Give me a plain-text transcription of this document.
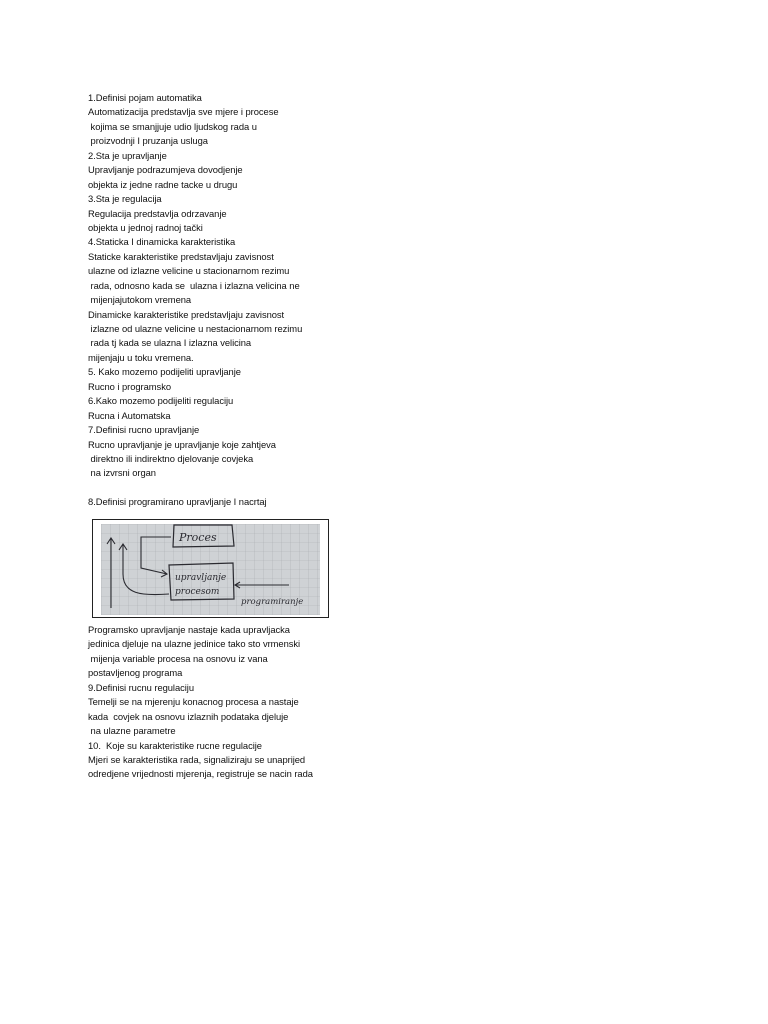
1.Definisi pojam automatika
Automatizacija predstavlja sve mjere i procese
kojima se smanjjuje udio ljudskog rada u
proizvodnji I pruzanja usluga
2.Sta je upravljanje
Upravljanje podrazumjeva dovodjenje
objekta iz jedne radne tacke u drugu
3.Sta je regulacija
Regulacija predstavlja odrzavanje
objekta u jednoj radnoj tački
4.Staticka I dinamicka karakteristika
Staticke karakteristike predstavljaju zavisnost
ulazne od izlazne velicine u stacionarnom rezimu
rada, odnosno kada se  ulazna i izlazna velicina ne
mijenjajutokom vremena
Dinamicke karakteristike predstavljaju zavisnost
izlazne od ulazne velicine u nestacionarnom rezimu
rada tj kada se ulazna I izlazna velicina
mijenjaju u toku vremena.
5. Kako mozemo podijeliti upravljanje
Rucno i programsko
6.Kako mozemo podijeliti regulaciju
Rucna i Automatska
7.Definisi rucno upravljanje
Rucno upravljanje je upravljanje koje zahtjeva
direktno ili indirektno djelovanje covjeka
na izvrsni organ
8.Definisi programirano upravljanje I nacrtaj
Proces
upravljanje
procesom
programiranje
Programsko upravljanje nastaje kada upravljacka
jedinica djeluje na ulazne jedinice tako sto vrmenski
mijenja variable procesa na osnovu iz vana
postavljenog programa
9.Definisi rucnu regulaciju
Temelji se na mjerenju konacnog procesa a nastaje
kada  covjek na osnovu izlaznih podataka djeluje
na ulazne parametre
10.  Koje su karakteristike rucne regulacije
Mjeri se karakteristika rada, signaliziraju se unaprijed
odredjene vrijednosti mjerenja, registruje se nacin rada
